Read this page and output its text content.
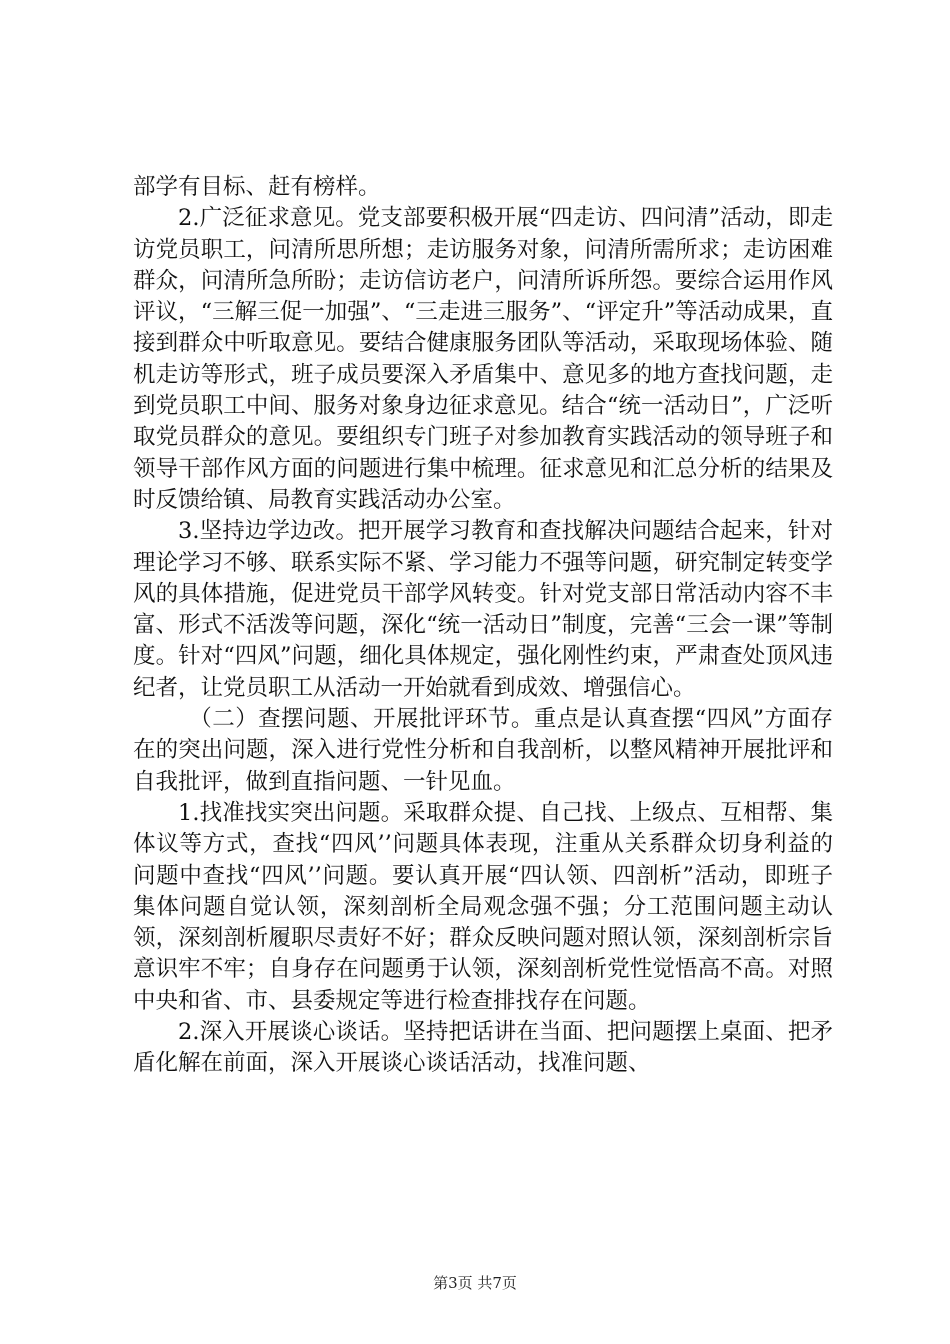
部学有目标、赶有榜样。

2.广泛征求意见。党支部要积极开展“四走访、四问清”活动，即走访党员职工，问清所思所想；走访服务对象，问清所需所求；走访困难群众，问清所急所盼；走访信访老户，问清所诉所怨。要综合运用作风评议，“三解三促一加强”、“三走进三服务”、“评定升”等活动成果，直接到群众中听取意见。要结合健康服务团队等活动，采取现场体验、随机走访等形式，班子成员要深入矛盾集中、意见多的地方查找问题，走到党员职工中间、服务对象身边征求意见。结合“统一活动日”，广泛听取党员群众的意见。要组织专门班子对参加教育实践活动的领导班子和领导干部作风方面的问题进行集中梳理。征求意见和汇总分析的结果及时反馈给镇、局教育实践活动办公室。

3.坚持边学边改。把开展学习教育和查找解决问题结合起来，针对理论学习不够、联系实际不紧、学习能力不强等问题，研究制定转变学风的具体措施，促进党员干部学风转变。针对党支部日常活动内容不丰富、形式不活泼等问题，深化“统一活动日”制度，完善“三会一课”等制度。针对“四风”问题，细化具体规定，强化刚性约束，严肃查处顶风违纪者，让党员职工从活动一开始就看到成效、增强信心。

（二）查摆问题、开展批评环节。重点是认真查摆“四风”方面存在的突出问题，深入进行党性分析和自我剖析，以整风精神开展批评和自我批评，做到直指问题、一针见血。

1.找准找实突出问题。采取群众提、自己找、上级点、互相帮、集体议等方式，查找“四风’’问题具体表现，注重从关系群众切身利益的问题中查找“四风’’问题。要认真开展“四认领、四剖析”活动，即班子集体问题自觉认领，深刻剖析全局观念强不强；分工范围问题主动认领，深刻剖析履职尽责好不好；群众反映问题对照认领，深刻剖析宗旨意识牢不牢；自身存在问题勇于认领，深刻剖析党性觉悟高不高。对照中央和省、市、县委规定等进行检查排找存在问题。

2.深入开展谈心谈话。坚持把话讲在当面、把问题摆上桌面、把矛盾化解在前面，深入开展谈心谈话活动，找准问题、

第3页 共7页
